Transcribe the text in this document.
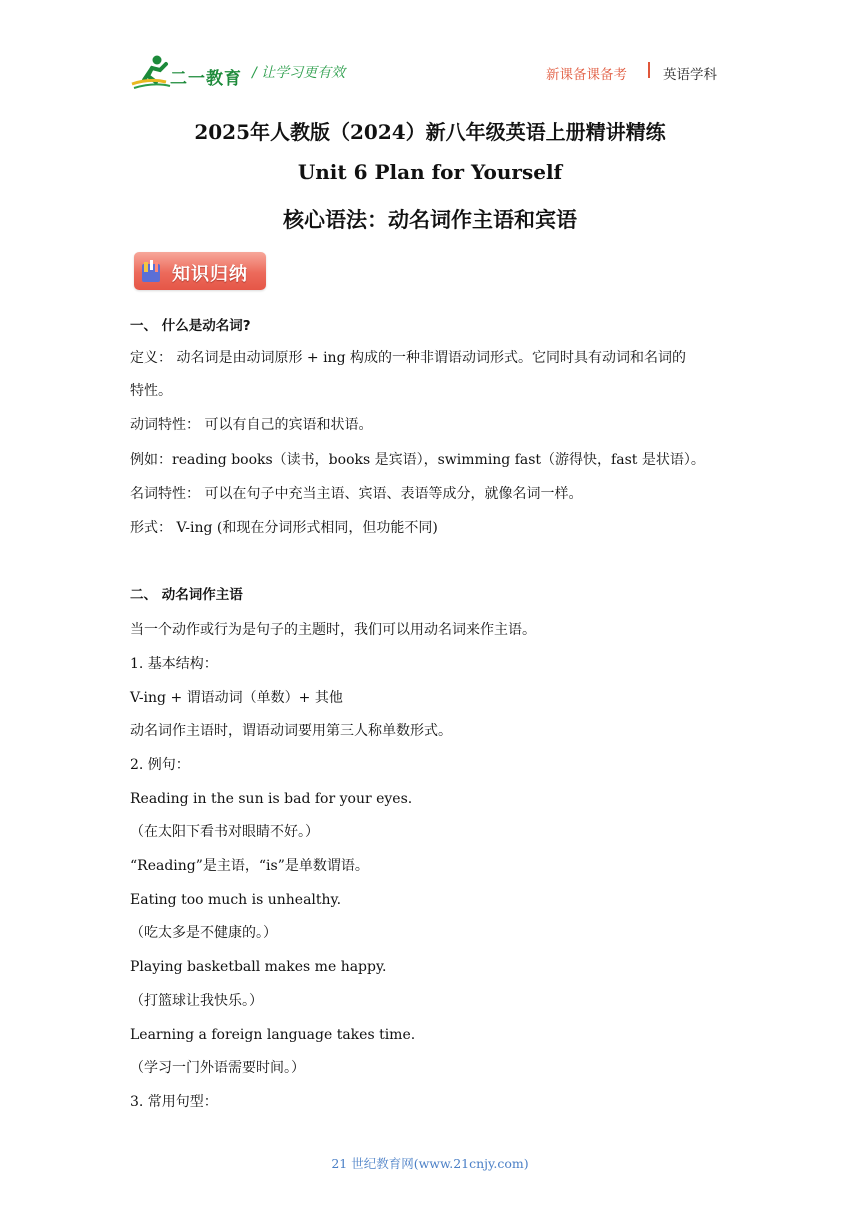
二一教育 / 让学习更有效	新课备课备考	英语学科
2025年人教版（2024）新八年级英语上册精讲精练
Unit 6 Plan for Yourself
核心语法：动名词作主语和宾语
知识归纳
一、 什么是动名词?
定义： 动名词是由动词原形 + ing 构成的一种非谓语动词形式。它同时具有动词和名词的
特性。
动词特性： 可以有自己的宾语和状语。
例如：reading books（读书，books 是宾语），swimming fast（游得快，fast 是状语）。
名词特性： 可以在句子中充当主语、宾语、表语等成分，就像名词一样。
形式： V-ing (和现在分词形式相同，但功能不同)
二、 动名词作主语
当一个动作或行为是句子的主题时，我们可以用动名词来作主语。
1. 基本结构：
V-ing + 谓语动词（单数）+ 其他
动名词作主语时，谓语动词要用第三人称单数形式。
2. 例句：
Reading in the sun is bad for your eyes.
（在太阳下看书对眼睛不好。）
“Reading”是主语，“is”是单数谓语。
Eating too much is unhealthy.
（吃太多是不健康的。）
Playing basketball makes me happy.
（打篮球让我快乐。）
Learning a foreign language takes time.
（学习一门外语需要时间。）
3. 常用句型：
21 世纪教育网(www.21cnjy.com)
